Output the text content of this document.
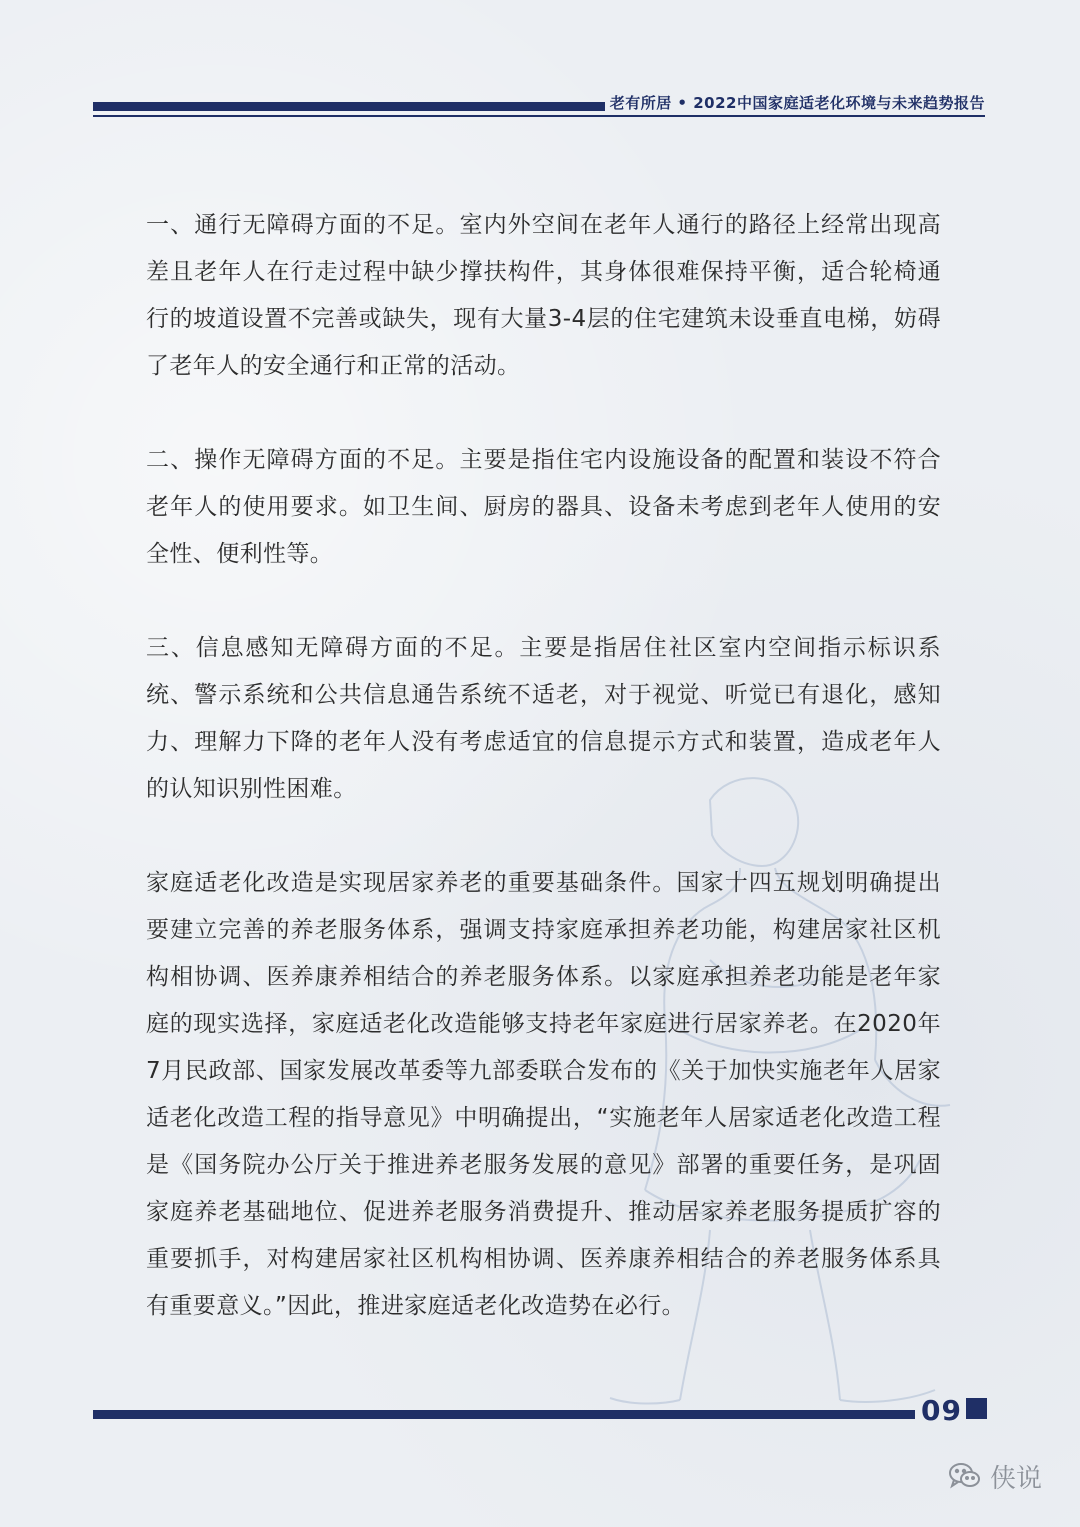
老有所居 • 2022中国家庭适老化环境与未来趋势报告

一、通行无障碍方面的不足。室内外空间在老年人通行的路径上经常出现高差且老年人在行走过程中缺少撑扶构件，其身体很难保持平衡，适合轮椅通行的坡道设置不完善或缺失，现有大量3-4层的住宅建筑未设垂直电梯，妨碍了老年人的安全通行和正常的活动。

二、操作无障碍方面的不足。主要是指住宅内设施设备的配置和装设不符合老年人的使用要求。如卫生间、厨房的器具、设备未考虑到老年人使用的安全性、便利性等。

三、信息感知无障碍方面的不足。主要是指居住社区室内空间指示标识系统、警示系统和公共信息通告系统不适老，对于视觉、听觉已有退化，感知力、理解力下降的老年人没有考虑适宜的信息提示方式和装置，造成老年人的认知识别性困难。

家庭适老化改造是实现居家养老的重要基础条件。国家十四五规划明确提出要建立完善的养老服务体系，强调支持家庭承担养老功能，构建居家社区机构相协调、医养康养相结合的养老服务体系。以家庭承担养老功能是老年家庭的现实选择，家庭适老化改造能够支持老年家庭进行居家养老。在2020年7月民政部、国家发展改革委等九部委联合发布的《关于加快实施老年人居家适老化改造工程的指导意见》中明确提出，“实施老年人居家适老化改造工程是《国务院办公厅关于推进养老服务发展的意见》部署的重要任务，是巩固家庭养老基础地位、促进养老服务消费提升、推动居家养老服务提质扩容的重要抓手，对构建居家社区机构相协调、医养康养相结合的养老服务体系具有重要意义。”因此，推进家庭适老化改造势在必行。

09
侠说
